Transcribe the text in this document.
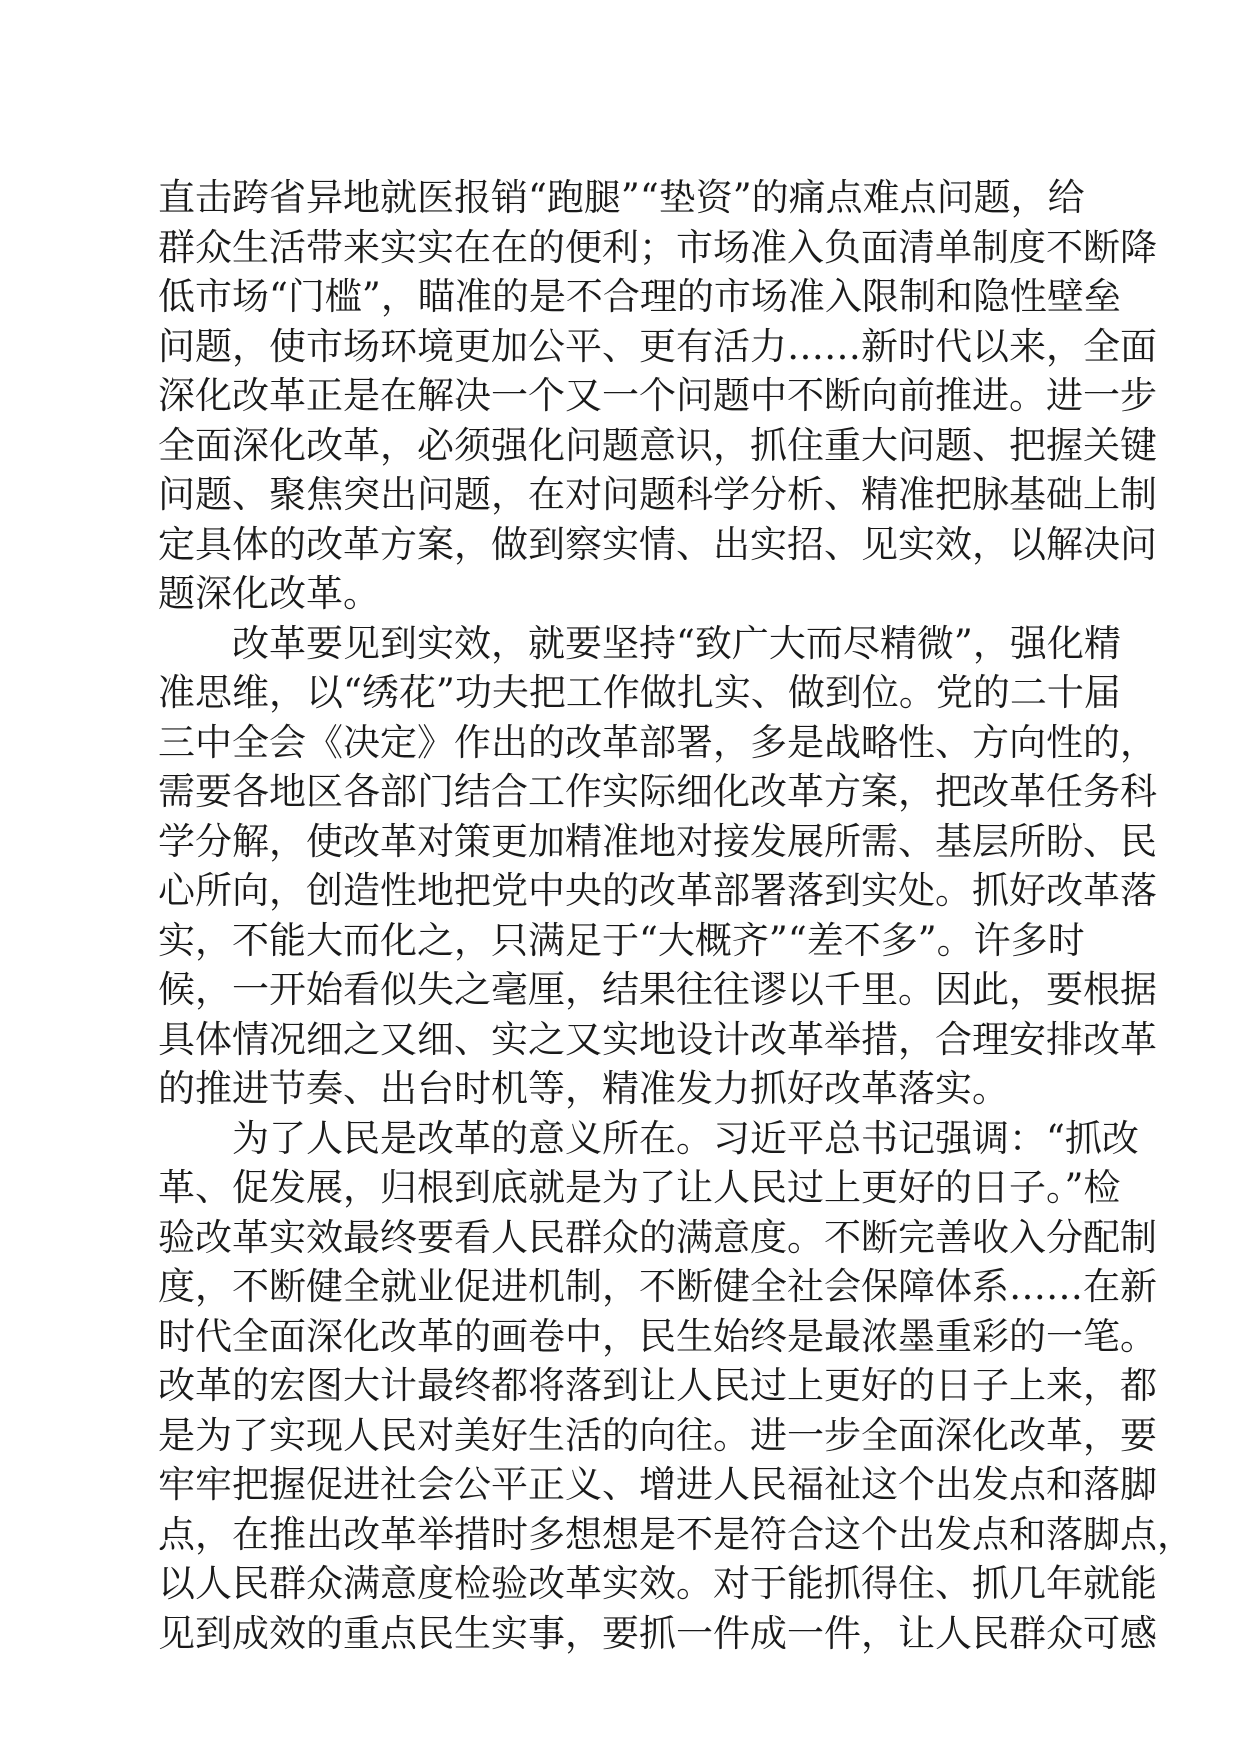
直击跨省异地就医报销“跑腿”“垫资”的痛点难点问题，给
群众生活带来实实在在的便利；市场准入负面清单制度不断降
低市场“门槛”，瞄准的是不合理的市场准入限制和隐性壁垒
问题，使市场环境更加公平、更有活力……新时代以来，全面
深化改革正是在解决一个又一个问题中不断向前推进。进一步
全面深化改革，必须强化问题意识，抓住重大问题、把握关键
问题、聚焦突出问题，在对问题科学分析、精准把脉基础上制
定具体的改革方案，做到察实情、出实招、见实效，以解决问
题深化改革。
改革要见到实效，就要坚持“致广大而尽精微”，强化精
准思维，以“绣花”功夫把工作做扎实、做到位。党的二十届
三中全会《决定》作出的改革部署，多是战略性、方向性的，
需要各地区各部门结合工作实际细化改革方案，把改革任务科
学分解，使改革对策更加精准地对接发展所需、基层所盼、民
心所向，创造性地把党中央的改革部署落到实处。抓好改革落
实，不能大而化之，只满足于“大概齐”“差不多”。许多时
候，一开始看似失之毫厘，结果往往谬以千里。因此，要根据
具体情况细之又细、实之又实地设计改革举措，合理安排改革
的推进节奏、出台时机等，精准发力抓好改革落实。
为了人民是改革的意义所在。习近平总书记强调：“抓改
革、促发展，归根到底就是为了让人民过上更好的日子。”检
验改革实效最终要看人民群众的满意度。不断完善收入分配制
度，不断健全就业促进机制，不断健全社会保障体系……在新
时代全面深化改革的画卷中，民生始终是最浓墨重彩的一笔。
改革的宏图大计最终都将落到让人民过上更好的日子上来，都
是为了实现人民对美好生活的向往。进一步全面深化改革，要
牢牢把握促进社会公平正义、增进人民福祉这个出发点和落脚
点，在推出改革举措时多想想是不是符合这个出发点和落脚点，
以人民群众满意度检验改革实效。对于能抓得住、抓几年就能
见到成效的重点民生实事，要抓一件成一件，让人民群众可感
